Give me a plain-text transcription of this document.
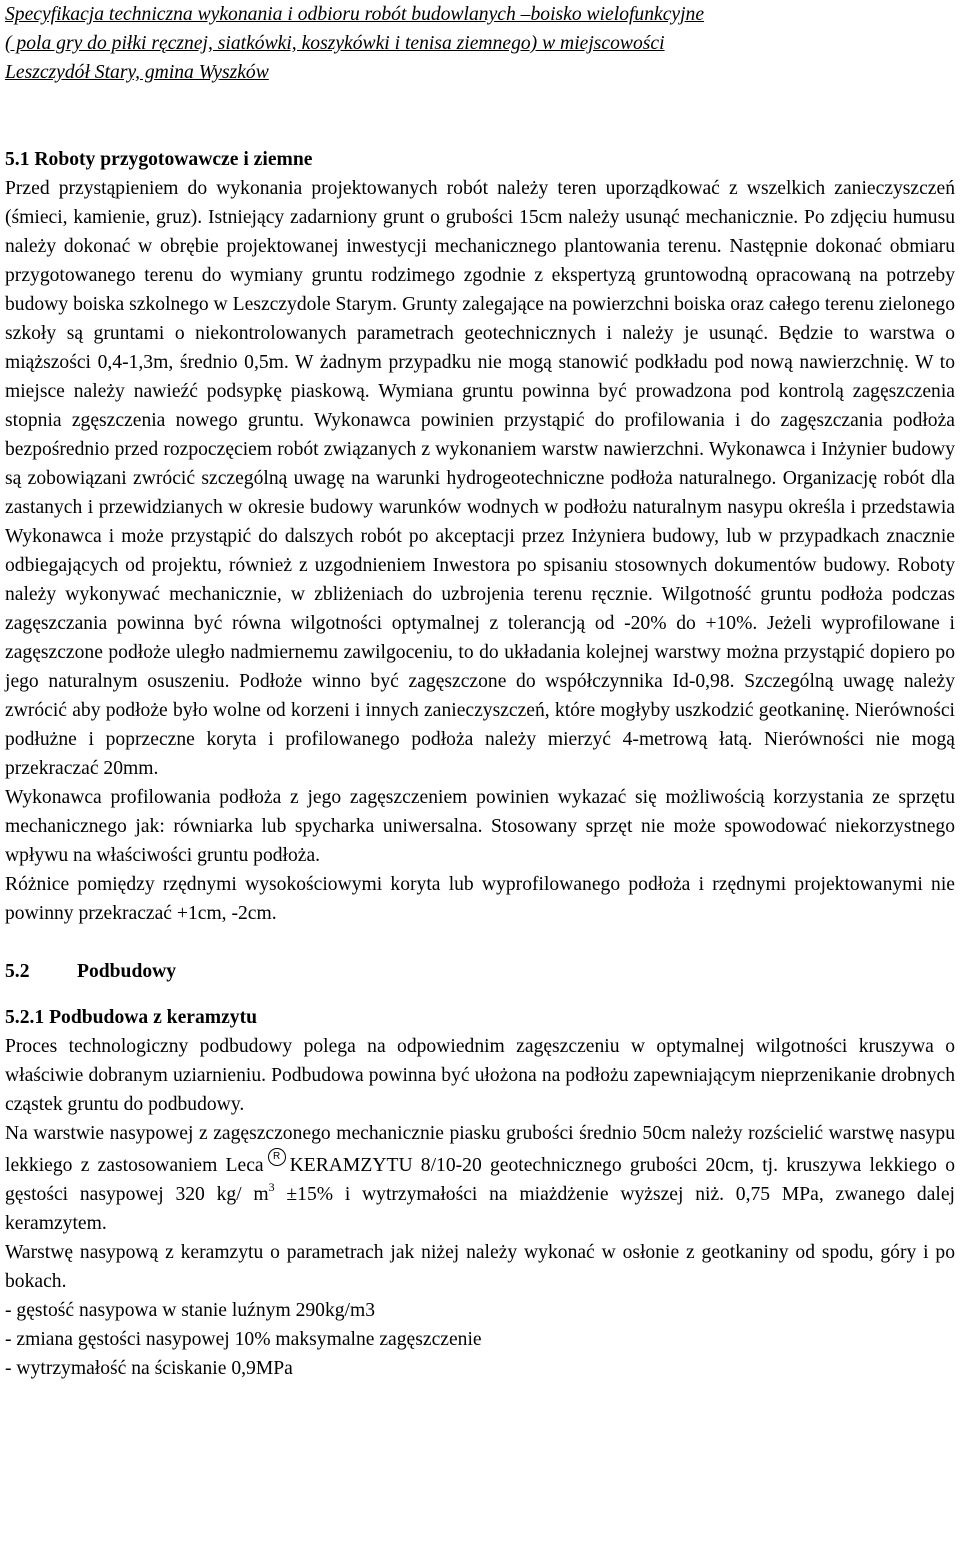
Specyfikacja techniczna wykonania i odbioru robót budowlanych –boisko wielofunkcyjne
( pola gry do piłki ręcznej, siatkówki, koszykówki i tenisa ziemnego) w miejscowości
Leszczydół Stary, gmina Wyszków
5.1 Roboty przygotowawcze i ziemne

Przed przystąpieniem do wykonania projektowanych robót należy teren uporządkować z wszelkich zanieczyszczeń (śmieci, kamienie, gruz). Istniejący zadarniony grunt o grubości 15cm należy usunąć mechanicznie. Po zdjęciu humusu należy dokonać w obrębie projektowanej inwestycji mechanicznego plantowania terenu. Następnie dokonać obmiaru przygotowanego terenu do wymiany gruntu rodzimego zgodnie z ekspertyzą gruntowodną opracowaną na potrzeby budowy boiska szkolnego w Leszczydole Starym. Grunty zalegające na powierzchni boiska oraz całego terenu zielonego szkoły są gruntami o niekontrolowanych parametrach geotechnicznych i należy je usunąć. Będzie to warstwa o miąższości 0,4-1,3m, średnio 0,5m. W żadnym przypadku nie mogą stanowić podkładu pod nową nawierzchnię. W to miejsce należy nawieźć podsypkę piaskową. Wymiana gruntu powinna być prowadzona pod kontrolą zagęszczenia stopnia zgęszczenia nowego gruntu. Wykonawca powinien przystąpić do profilowania i do zagęszczania podłoża bezpośrednio przed rozpoczęciem robót związanych z wykonaniem warstw nawierzchni. Wykonawca i Inżynier budowy są zobowiązani zwrócić szczególną uwagę na warunki hydrogeotechniczne podłoża naturalnego. Organizację robót dla zastanych i przewidzianych w okresie budowy warunków wodnych w podłożu naturalnym nasypu określa i przedstawia Wykonawca i może przystąpić do dalszych robót po akceptacji przez Inżyniera budowy, lub w przypadkach znacznie odbiegających od projektu, również z uzgodnieniem Inwestora po spisaniu stosownych dokumentów budowy. Roboty należy wykonywać mechanicznie, w zbliżeniach do uzbrojenia terenu ręcznie. Wilgotność gruntu podłoża podczas zagęszczania powinna być równa wilgotności optymalnej z tolerancją od -20% do +10%. Jeżeli wyprofilowane i zagęszczone podłoże uległo nadmiernemu zawilgoceniu, to do układania kolejnej warstwy można przystąpić dopiero po jego naturalnym osuszeniu. Podłoże winno być zagęszczone do współczynnika Id-0,98. Szczególną uwagę należy zwrócić aby podłoże było wolne od korzeni i innych zanieczyszczeń, które mogłyby uszkodzić geotkaninę. Nierówności podłużne i poprzeczne koryta i profilowanego podłoża należy mierzyć 4-metrową łatą. Nierówności nie mogą przekraczać 20mm.

Wykonawca profilowania podłoża z jego zagęszczeniem powinien wykazać się możliwością korzystania ze sprzętu mechanicznego jak: równiarka lub spycharka uniwersalna. Stosowany sprzęt nie może spowodować niekorzystnego wpływu na właściwości gruntu podłoża.

Różnice pomiędzy rzędnymi wysokościowymi koryta lub wyprofilowanego podłoża i rzędnymi projektowanymi nie powinny przekraczać +1cm, -2cm.

5.2	Podbudowy
5.2.1 Podbudowa z keramzytu

Proces technologiczny podbudowy polega na odpowiednim zagęszczeniu w optymalnej wilgotności kruszywa o właściwie dobranym uziarnieniu. Podbudowa powinna być ułożona na podłożu zapewniającym nieprzenikanie drobnych cząstek gruntu do podbudowy.

Na warstwie nasypowej z zagęszczonego mechanicznie piasku grubości średnio 50cm należy rozścielić warstwę nasypu lekkiego z zastosowaniem Leca R KERAMZYTU 8/10-20 geotechnicznego grubości 20cm, tj. kruszywa lekkiego o gęstości nasypowej 320 kg/ $m^3 \pm 15\%$ i wytrzymałości na miażdżenie wyższej niż. 0,75 MPa, zwanego dalej keramzytem.

Warstwę nasypową z keramzytu o parametrach jak niżej należy wykonać w osłonie z geotkaniny od spodu, góry i po bokach.

- gęstość nasypowa w stanie luźnym 290kg/m3

- zmiana gęstości nasypowej 10% maksymalne zagęszczenie

- wytrzymałość na ściskanie 0,9MPa
